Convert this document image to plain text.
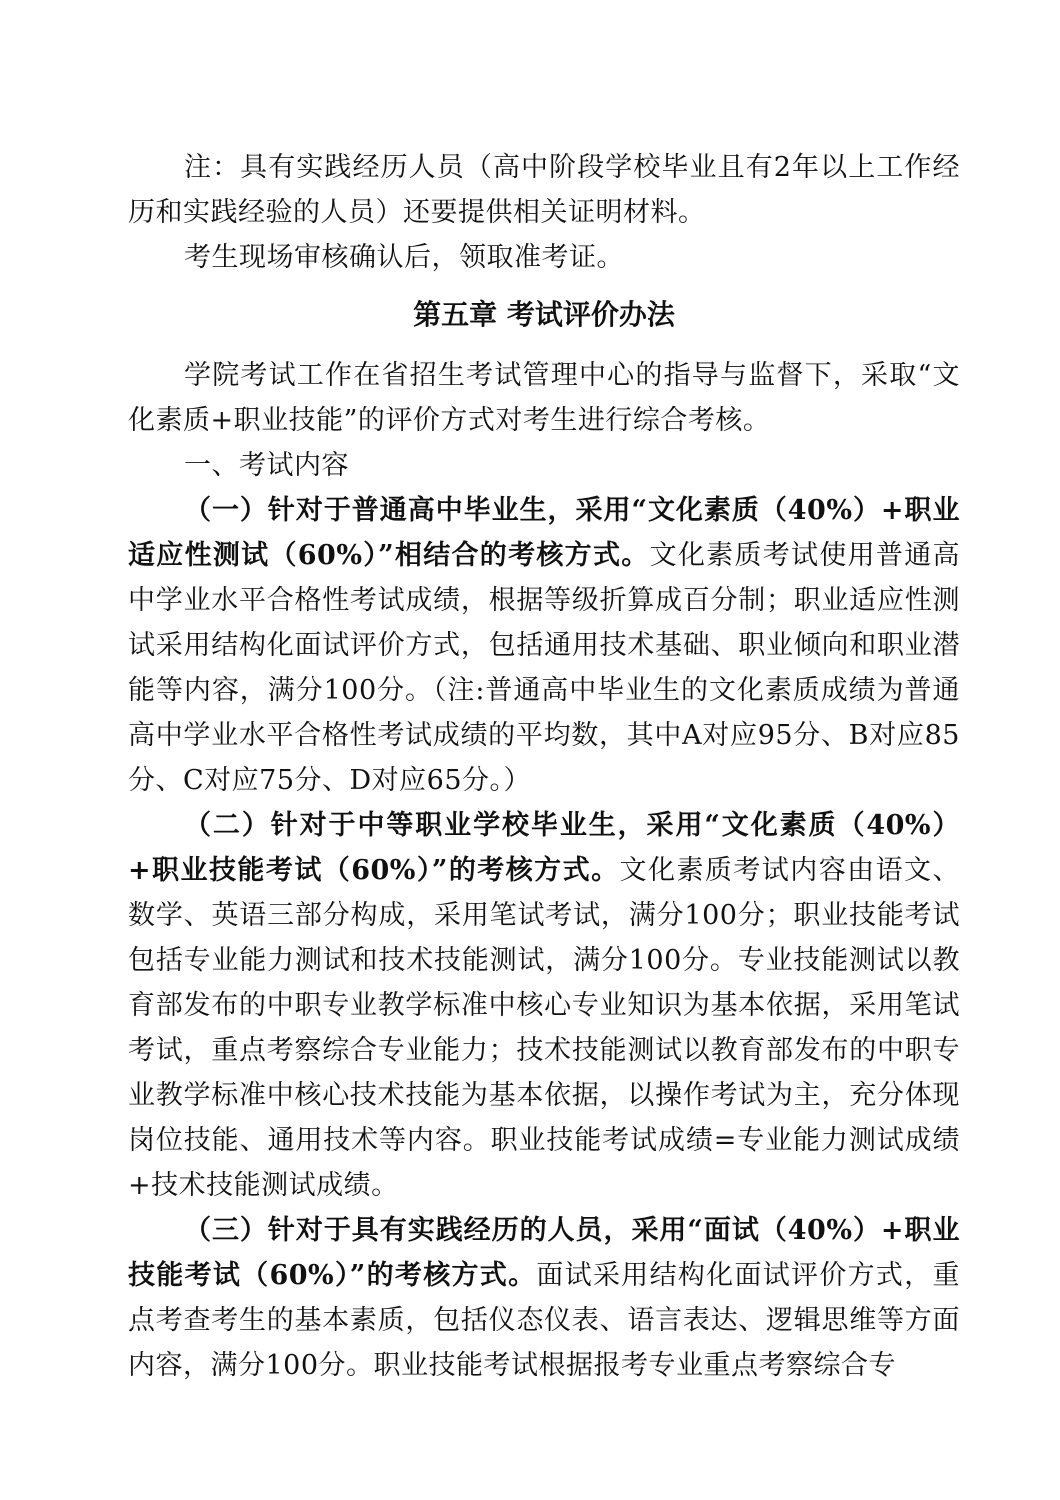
注：具有实践经历人员（高中阶段学校毕业且有2年以上工作经历和实践经验的人员）还要提供相关证明材料。

考生现场审核确认后，领取准考证。

第五章 考试评价办法

学院考试工作在省招生考试管理中心的指导与监督下，采取“文化素质+职业技能”的评价方式对考生进行综合考核。

一、考试内容

（一）针对于普通高中毕业生，采用“文化素质（40%）+职业适应性测试（60%）”相结合的考核方式。文化素质考试使用普通高中学业水平合格性考试成绩，根据等级折算成百分制；职业适应性测试采用结构化面试评价方式，包括通用技术基础、职业倾向和职业潜能等内容，满分100分。（注:普通高中毕业生的文化素质成绩为普通高中学业水平合格性考试成绩的平均数，其中A对应95分、B对应85分、C对应75分、D对应65分。）

（二）针对于中等职业学校毕业生，采用“文化素质（40%）+职业技能考试（60%）”的考核方式。文化素质考试内容由语文、数学、英语三部分构成，采用笔试考试，满分100分；职业技能考试包括专业能力测试和技术技能测试，满分100分。专业技能测试以教育部发布的中职专业教学标准中核心专业知识为基本依据，采用笔试考试，重点考察综合专业能力；技术技能测试以教育部发布的中职专业教学标准中核心技术技能为基本依据，以操作考试为主，充分体现岗位技能、通用技术等内容。职业技能考试成绩=专业能力测试成绩+技术技能测试成绩。

（三）针对于具有实践经历的人员，采用“面试（40%）+职业技能考试（60%）”的考核方式。面试采用结构化面试评价方式，重点考查考生的基本素质，包括仪态仪表、语言表达、逻辑思维等方面内容，满分100分。职业技能考试根据报考专业重点考察综合专
